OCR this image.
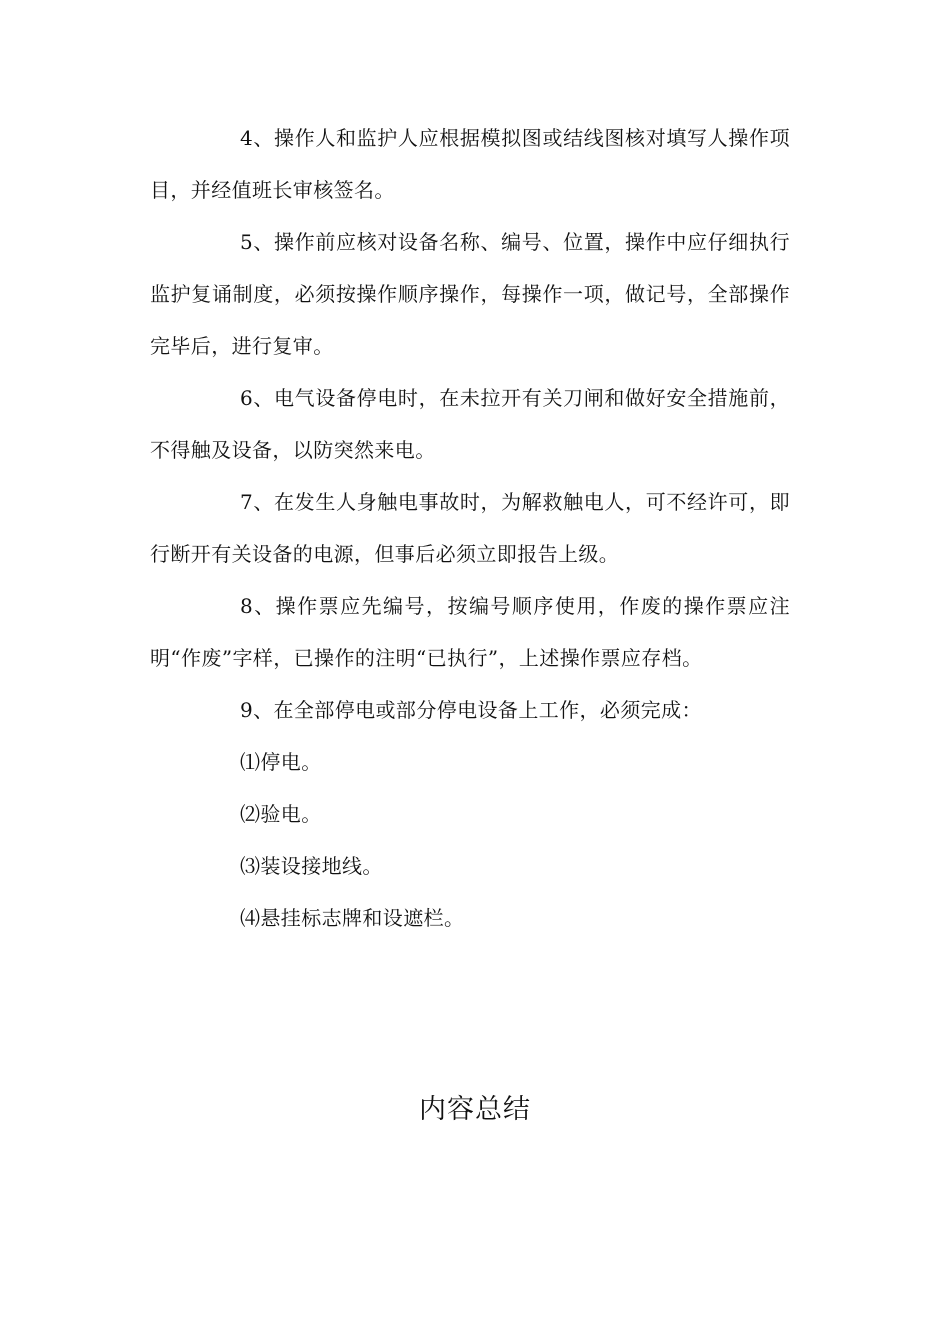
4、操作人和监护人应根据模拟图或结线图核对填写人操作项目，并经值班长审核签名。

5、操作前应核对设备名称、编号、位置，操作中应仔细执行监护复诵制度，必须按操作顺序操作，每操作一项，做记号，全部操作完毕后，进行复审。

6、电气设备停电时，在未拉开有关刀闸和做好安全措施前，不得触及设备，以防突然来电。

7、在发生人身触电事故时，为解救触电人，可不经许可，即行断开有关设备的电源，但事后必须立即报告上级。

8、操作票应先编号，按编号顺序使用，作废的操作票应注明“作废”字样，已操作的注明“已执行”，上述操作票应存档。

9、在全部停电或部分停电设备上工作，必须完成：

⑴停电。

⑵验电。

⑶装设接地线。

⑷悬挂标志牌和设遮栏。

内容总结
